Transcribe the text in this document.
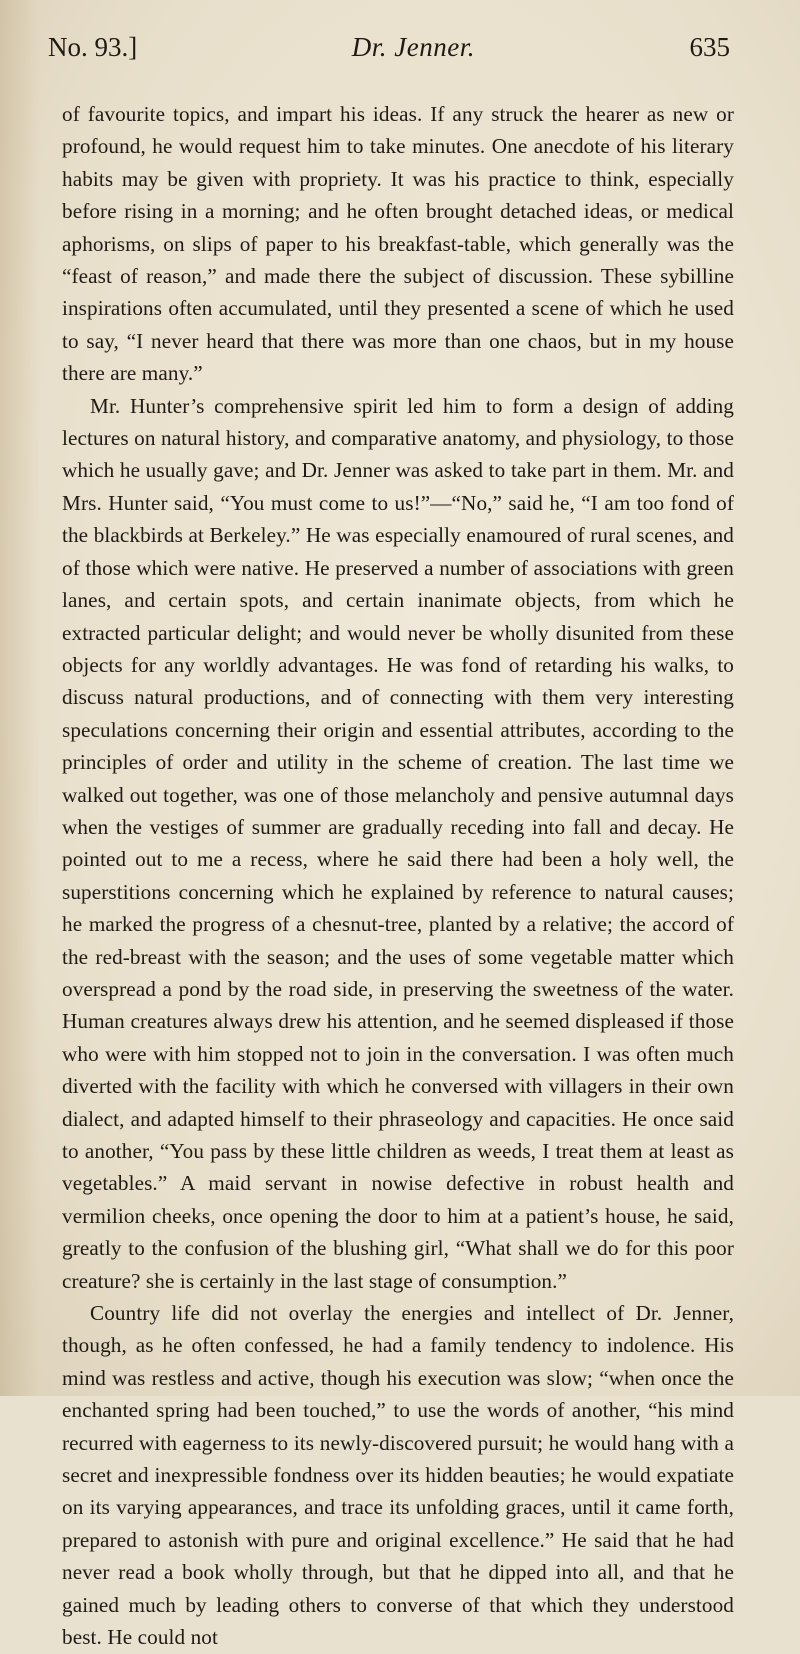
No. 93.]	Dr. Jenner.	635

of favourite topics, and impart his ideas. If any struck the hearer as new or profound, he would request him to take minutes. One anecdote of his literary habits may be given with propriety. It was his practice to think, especially before rising in a morning; and he often brought detached ideas, or medical aphorisms, on slips of paper to his breakfast-table, which generally was the “feast of reason,” and made there the subject of discussion. These sybilline inspirations often accumulated, until they presented a scene of which he used to say, “I never heard that there was more than one chaos, but in my house there are many.”

Mr. Hunter’s comprehensive spirit led him to form a design of adding lectures on natural history, and comparative anatomy, and physiology, to those which he usually gave; and Dr. Jenner was asked to take part in them. Mr. and Mrs. Hunter said, “You must come to us!”—“No,” said he, “I am too fond of the blackbirds at Berkeley.” He was especially enamoured of rural scenes, and of those which were native. He preserved a number of associations with green lanes, and certain spots, and certain inanimate objects, from which he extracted particular delight; and would never be wholly disunited from these objects for any worldly advantages. He was fond of retarding his walks, to discuss natural productions, and of connecting with them very interesting speculations concerning their origin and essential attributes, according to the principles of order and utility in the scheme of creation. The last time we walked out together, was one of those melancholy and pensive autumnal days when the vestiges of summer are gradually receding into fall and decay. He pointed out to me a recess, where he said there had been a holy well, the superstitions concerning which he explained by reference to natural causes; he marked the progress of a chesnut-tree, planted by a relative; the accord of the red-breast with the season; and the uses of some vegetable matter which overspread a pond by the road side, in preserving the sweetness of the water. Human creatures always drew his attention, and he seemed displeased if those who were with him stopped not to join in the conversation. I was often much diverted with the facility with which he conversed with villagers in their own dialect, and adapted himself to their phraseology and capacities. He once said to another, “You pass by these little children as weeds, I treat them at least as vegetables.” A maid servant in nowise defective in robust health and vermilion cheeks, once opening the door to him at a patient’s house, he said, greatly to the confusion of the blushing girl, “What shall we do for this poor creature? she is certainly in the last stage of consumption.”

Country life did not overlay the energies and intellect of Dr. Jenner, though, as he often confessed, he had a family tendency to indolence. His mind was restless and active, though his execution was slow; “when once the enchanted spring had been touched,” to use the words of another, “his mind recurred with eagerness to its newly-discovered pursuit; he would hang with a secret and inexpressible fondness over its hidden beauties; he would expatiate on its varying appearances, and trace its unfolding graces, until it came forth, prepared to astonish with pure and original excellence.” He said that he had never read a book wholly through, but that he dipped into all, and that he gained much by leading others to converse of that which they understood best. He could not
